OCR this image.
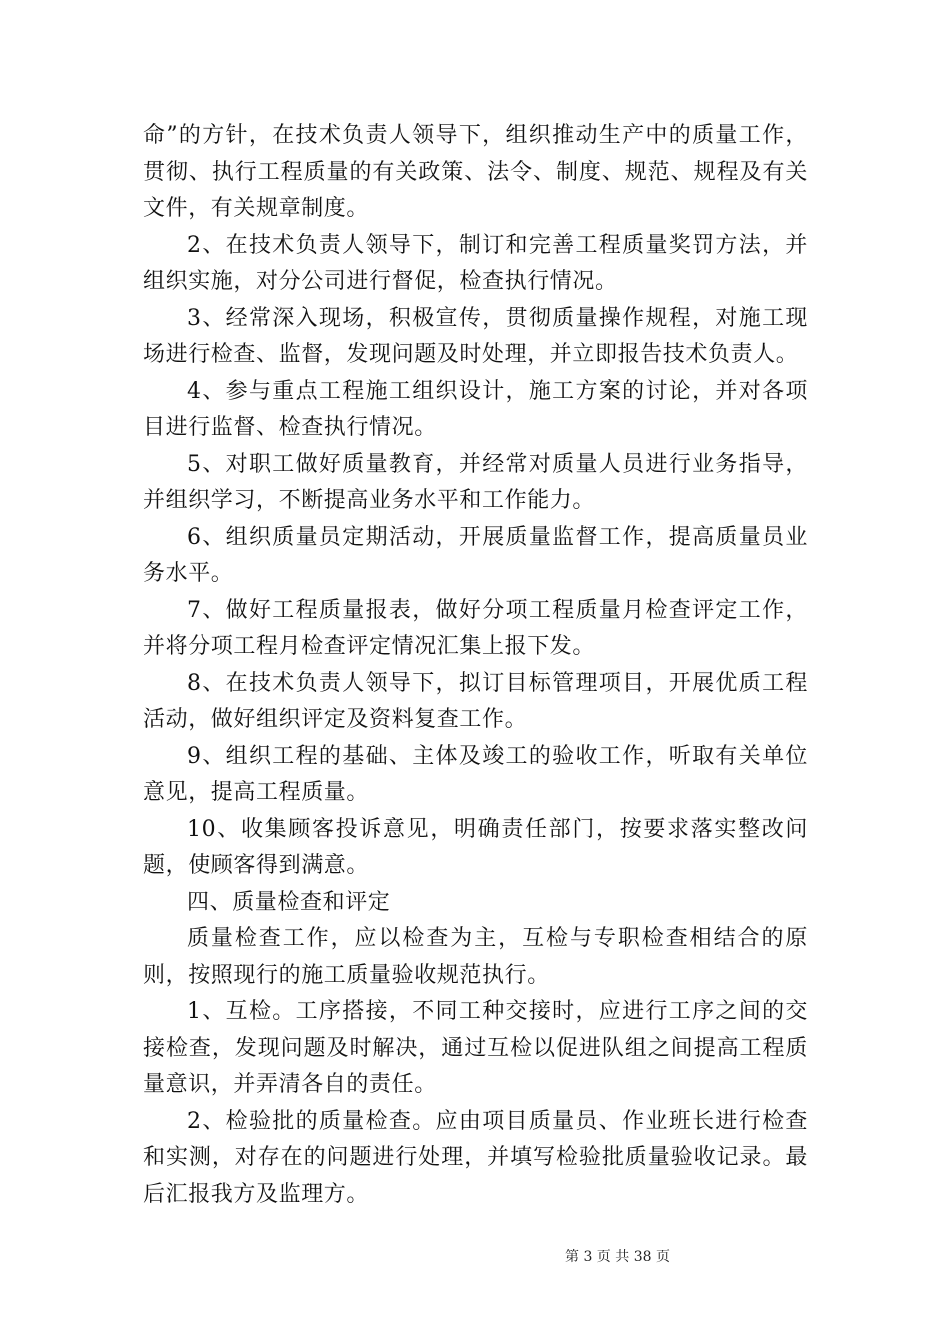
命”的方针，在技术负责人领导下，组织推动生产中的质量工作，贯彻、执行工程质量的有关政策、法令、制度、规范、规程及有关文件，有关规章制度。

2、在技术负责人领导下，制订和完善工程质量奖罚方法，并组织实施，对分公司进行督促，检查执行情况。

3、经常深入现场，积极宣传，贯彻质量操作规程，对施工现场进行检查、监督，发现问题及时处理，并立即报告技术负责人。

4、参与重点工程施工组织设计，施工方案的讨论，并对各项目进行监督、检查执行情况。

5、对职工做好质量教育，并经常对质量人员进行业务指导，并组织学习，不断提高业务水平和工作能力。

6、组织质量员定期活动，开展质量监督工作，提高质量员业务水平。

7、做好工程质量报表，做好分项工程质量月检查评定工作，并将分项工程月检查评定情况汇集上报下发。

8、在技术负责人领导下，拟订目标管理项目，开展优质工程活动，做好组织评定及资料复查工作。

9、组织工程的基础、主体及竣工的验收工作，听取有关单位意见，提高工程质量。

10、收集顾客投诉意见，明确责任部门，按要求落实整改问题，使顾客得到满意。

四、质量检查和评定

质量检查工作，应以检查为主，互检与专职检查相结合的原则，按照现行的施工质量验收规范执行。

1、互检。工序搭接，不同工种交接时，应进行工序之间的交接检查，发现问题及时解决，通过互检以促进队组之间提高工程质量意识，并弄清各自的责任。

2、检验批的质量检查。应由项目质量员、作业班长进行检查和实测，对存在的问题进行处理，并填写检验批质量验收记录。最后汇报我方及监理方。

第 3 页 共 38 页
